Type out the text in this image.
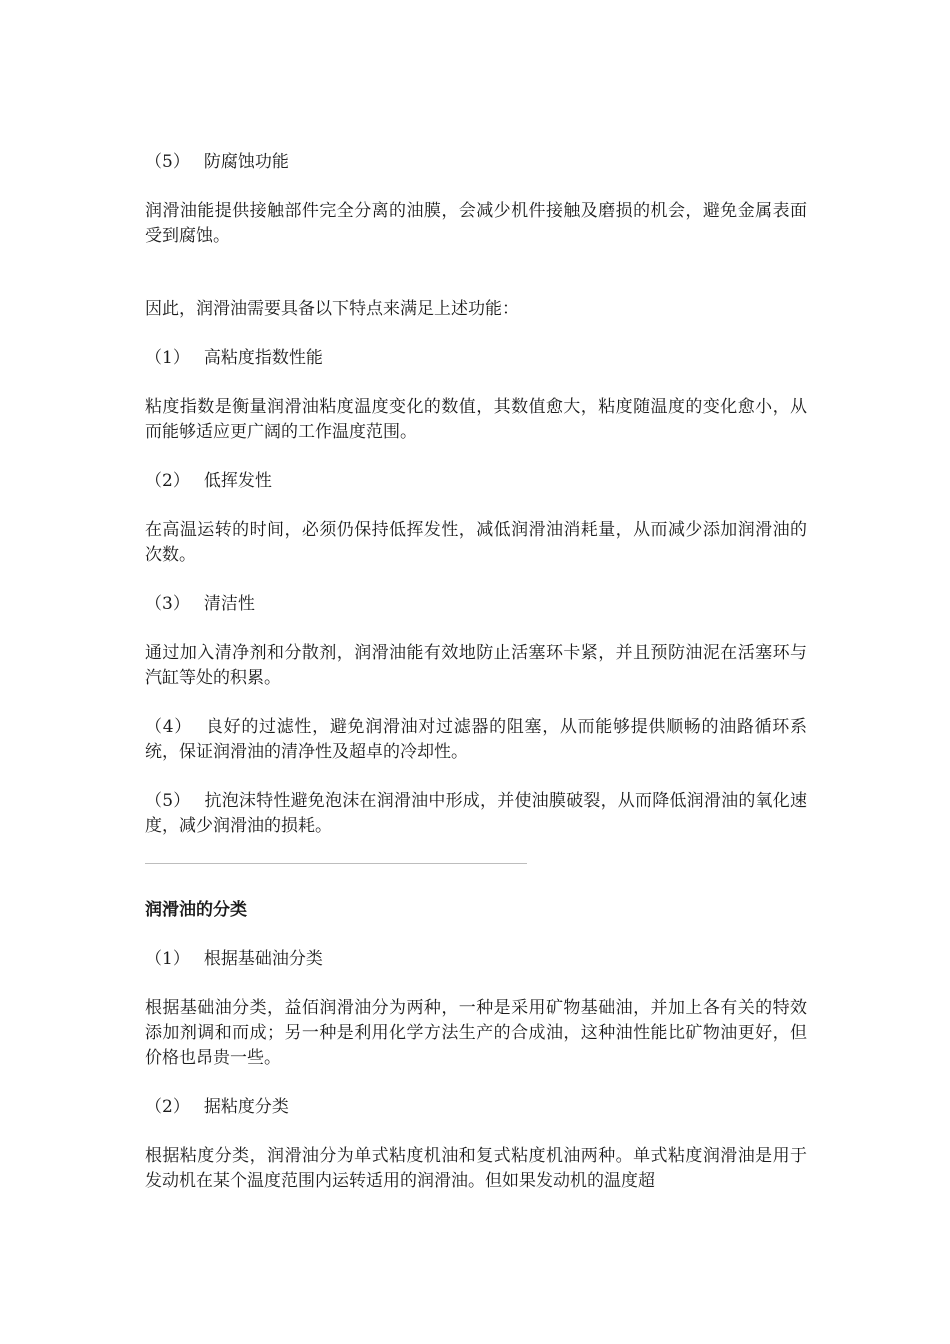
（5） 防腐蚀功能

润滑油能提供接触部件完全分离的油膜，会减少机件接触及磨损的机会，避免金属表面受到腐蚀。

因此，润滑油需要具备以下特点来满足上述功能：

（1） 高粘度指数性能

粘度指数是衡量润滑油粘度温度变化的数值，其数值愈大，粘度随温度的变化愈小，从而能够适应更广阔的工作温度范围。

（2） 低挥发性

在高温运转的时间，必须仍保持低挥发性，减低润滑油消耗量，从而减少添加润滑油的次数。

（3） 清洁性

通过加入清净剂和分散剂，润滑油能有效地防止活塞环卡紧，并且预防油泥在活塞环与汽缸等处的积累。

（4） 良好的过滤性，避免润滑油对过滤器的阻塞，从而能够提供顺畅的油路循环系统，保证润滑油的清净性及超卓的冷却性。

（5） 抗泡沫特性避免泡沫在润滑油中形成，并使油膜破裂，从而降低润滑油的氧化速度，减少润滑油的损耗。

润滑油的分类

（1） 根据基础油分类

根据基础油分类，益佰润滑油分为两种，一种是采用矿物基础油，并加上各有关的特效添加剂调和而成；另一种是利用化学方法生产的合成油，这种油性能比矿物油更好，但价格也昂贵一些。

（2） 据粘度分类

根据粘度分类，润滑油分为单式粘度机油和复式粘度机油两种。单式粘度润滑油是用于发动机在某个温度范围内运转适用的润滑油。但如果发动机的温度超
